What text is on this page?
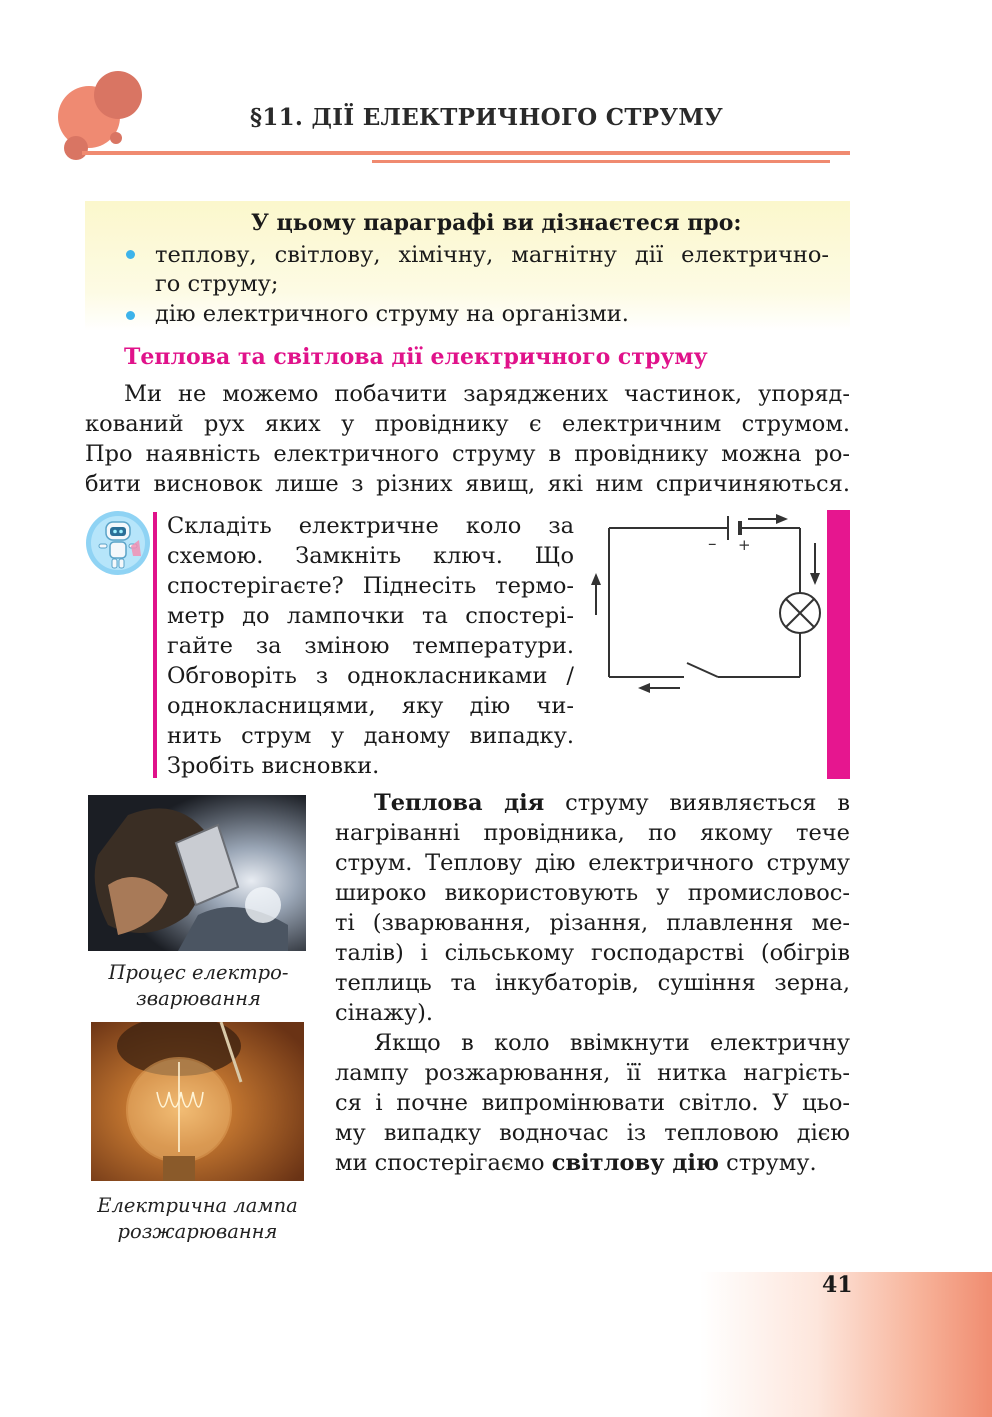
§11. ДІЇ ЕЛЕКТРИЧНОГО СТРУМУ
У цьому параграфі ви дізнаєтеся про:
теплову, світлову, хімічну, магнітну дії електрично-
го струму;
дію електричного струму на організми.
Теплова та світлова дії електричного струму
Ми не можемо побачити заряджених частинок, упоряд-
кований рух яких у провіднику є електричним струмом.
Про наявність електричного струму в провіднику можна ро-
бити висновок лише з різних явищ, які ним спричиняються.
Складіть електричне коло за
схемою. Замкніть ключ. Що
спостерігаєте? Піднесіть термо-
метр до лампочки та спостері-
гайте за зміною температури.
Обговоріть з однокласниками /
однокласницями, яку дію чи-
нить струм у даному випадку.
Зробіть висновки.
– +
Процес електро-
зварювання
Електрична лампа
розжарювання
Теплова дія струму виявляється в
нагріванні провідника, по якому тече
струм. Теплову дію електричного струму
широко використовують у промисловос-
ті (зварювання, різання, плавлення ме-
талів) і сільському господарстві (обігрів
теплиць та інкубаторів, сушіння зерна,
сінажу).
Якщо в коло ввімкнути електричну
лампу розжарювання, її нитка нагрієть-
ся і почне випромінювати світло. У цьо-
му випадку водночас із тепловою дією
ми спостерігаємо світлову дію струму.
41
